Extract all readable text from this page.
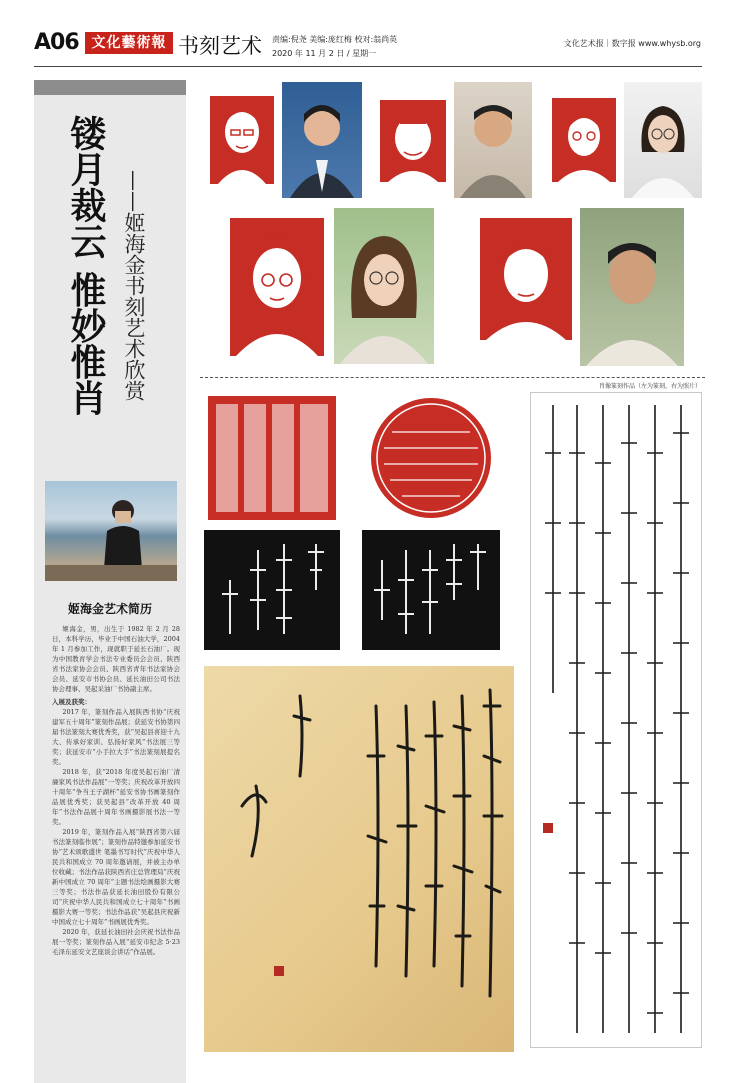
A06 文化藝術報 书刻艺术 责编:倪尧 美编:庞红梅 校对:翁尚英
2020 年 11 月 2 日 / 星期一
文化艺术报｜数字报 www.whysb.org
镂月裁云 惟妙惟肖 ——姬海金书刻艺术欣赏
姬海金艺术简历

姬海金，男，出生于 1982 年 2 月 28 日，本科学历，毕业于中国石油大学，2004 年 1 月参加工作，现就职于延长石油厂。现为中国教育学会书法专业委员会会员、陕西省书法家协会会员、陕西省青年书法家协会会员、延安市书协会员、延长油田公司书法协会理事、吴起采油厂书协副主席。

入展及获奖：

2017 年，篆刻作品入展陕西书协“庆祝建军五十周年”篆刻作品展；获延安书协第四届书法篆刻大赛优秀奖，获“吴起县喜迎十九大、传承好家训、弘扬好家风”书法展三等奖；获延安市“小手拉大手”书法篆刻展提名奖。

2018 年，获“2018 年度吴起石油厂清廉家风书法作品展”一等奖；庆祝改革开放四十周年“争当王子湖杯”延安书协书画篆刻作品展优秀奖；获吴起县“改革开放 40 周年”书法作品展十周年书画摄影展书法一等奖。

2019 年，篆刻作品入展“陕西省第六届书法篆刻临作展”；篆刻作品特邀参加延安书协“艺术颂歌盛世 笔墨书写时代”庆祝中华人民共和国成立 70 周年邀请展，并被主办单位收藏；书法作品获陕西省庄总管理局“庆祝新中国成立 70 周年”主题书法绘画摄影大赛三等奖；书法作品获延长油田股份有限公司“庆祝中华人民共和国成立七十周年”书画摄影大赛一等奖；书法作品获“吴起县庆祝新中国成立七十周年”书画展优秀奖。

2020 年，获延长油田社会庆祝书法作品展一等奖；篆刻作品入展“延安市纪念 5·23 毛泽东延安文艺座谈会讲话”作品展。

肖像篆刻作品（左为篆刻，右为照片）
